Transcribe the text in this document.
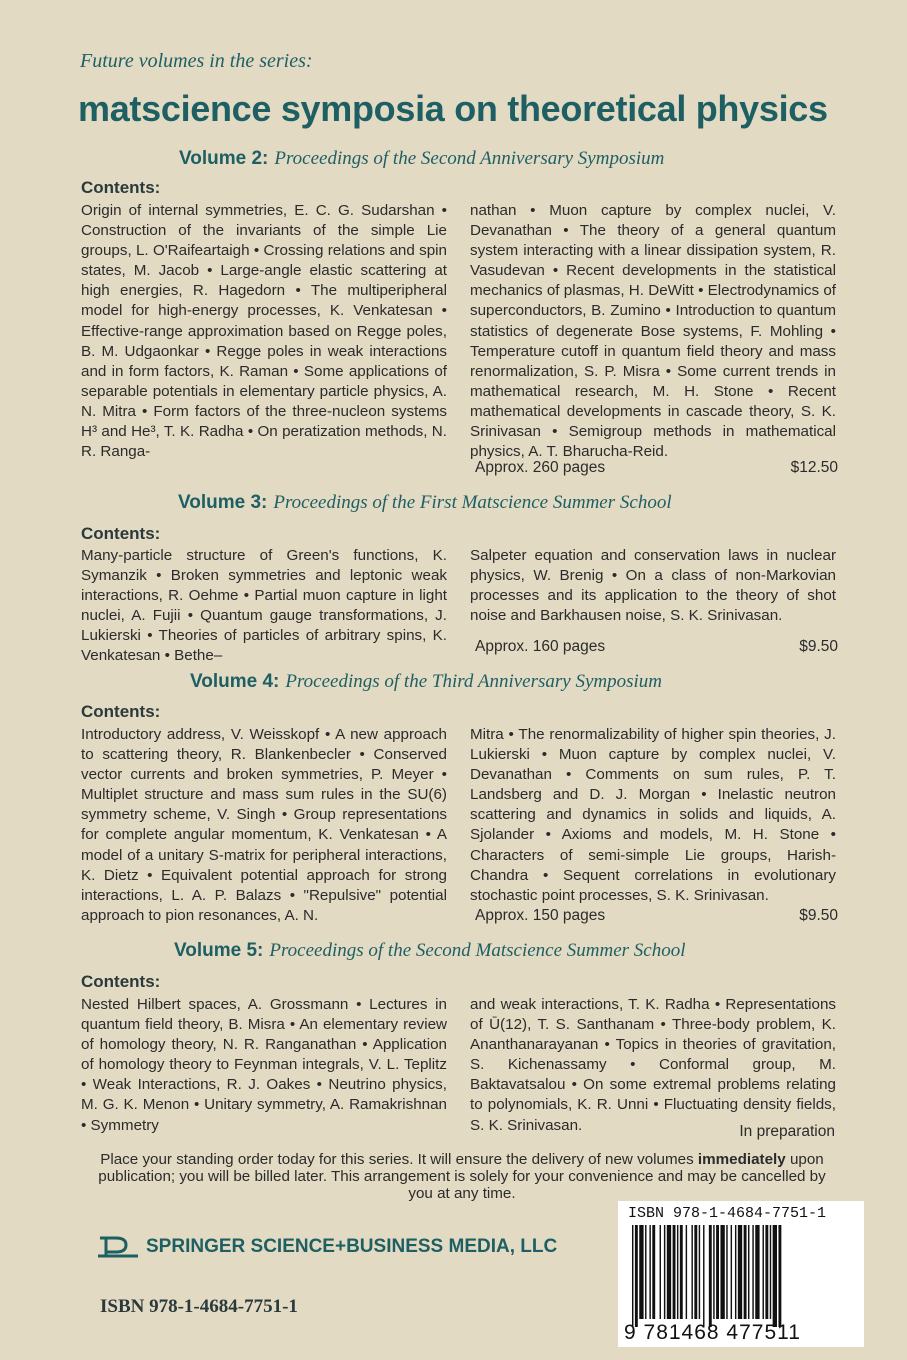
Future volumes in the series:
matscience symposia on theoretical physics
Volume 2: Proceedings of the Second Anniversary Symposium
Contents:
Origin of internal symmetries, E. C. G. Sudarshan • Construction of the invariants of the simple Lie groups, L. O'Raifeartaigh • Crossing relations and spin states, M. Jacob • Large-angle elastic scattering at high energies, R. Hagedorn • The multiperipheral model for high-energy processes, K. Venkatesan • Effective-range approximation based on Regge poles, B. M. Udgaonkar • Regge poles in weak interactions and in form factors, K. Raman • Some applications of separable potentials in elementary particle physics, A. N. Mitra • Form factors of the three-nucleon systems H³ and He³, T. K. Radha • On peratization methods, N. R. Ranga-
nathan • Muon capture by complex nuclei, V. Devanathan • The theory of a general quantum system interacting with a linear dissipation system, R. Vasudevan • Recent developments in the statistical mechanics of plasmas, H. DeWitt • Electrodynamics of superconductors, B. Zumino • Introduction to quantum statistics of degenerate Bose systems, F. Mohling • Temperature cutoff in quantum field theory and mass renormalization, S. P. Misra • Some current trends in mathematical research, M. H. Stone • Recent mathematical developments in cascade theory, S. K. Srinivasan • Semigroup methods in mathematical physics, A. T. Bharucha-Reid.
Approx. 260 pages	$12.50
Volume 3: Proceedings of the First Matscience Summer School
Contents:
Many-particle structure of Green's functions, K. Symanzik • Broken symmetries and leptonic weak interactions, R. Oehme • Partial muon capture in light nuclei, A. Fujii • Quantum gauge transformations, J. Lukierski • Theories of particles of arbitrary spins, K. Venkatesan • Bethe–
Salpeter equation and conservation laws in nuclear physics, W. Brenig • On a class of non-Markovian processes and its application to the theory of shot noise and Barkhausen noise, S. K. Srinivasan.
Approx. 160 pages	$9.50
Volume 4: Proceedings of the Third Anniversary Symposium
Contents:
Introductory address, V. Weisskopf • A new approach to scattering theory, R. Blankenbecler • Conserved vector currents and broken symmetries, P. Meyer • Multiplet structure and mass sum rules in the SU(6) symmetry scheme, V. Singh • Group representations for complete angular momentum, K. Venkatesan • A model of a unitary S-matrix for peripheral interactions, K. Dietz • Equivalent potential approach for strong interactions, L. A. P. Balazs • "Repulsive" potential approach to pion resonances, A. N.
Mitra • The renormalizability of higher spin theories, J. Lukierski • Muon capture by complex nuclei, V. Devanathan • Comments on sum rules, P. T. Landsberg and D. J. Morgan • Inelastic neutron scattering and dynamics in solids and liquids, A. Sjolander • Axioms and models, M. H. Stone • Characters of semi-simple Lie groups, Harish-Chandra • Sequent correlations in evolutionary stochastic point processes, S. K. Srinivasan.
Approx. 150 pages	$9.50
Volume 5: Proceedings of the Second Matscience Summer School
Contents:
Nested Hilbert spaces, A. Grossmann • Lectures in quantum field theory, B. Misra • An elementary review of homology theory, N. R. Ranganathan • Application of homology theory to Feynman integrals, V. L. Teplitz • Weak Interactions, R. J. Oakes • Neutrino physics, M. G. K. Menon • Unitary symmetry, A. Ramakrishnan • Symmetry
and weak interactions, T. K. Radha • Representations of Ū(12), T. S. Santhanam • Three-body problem, K. Ananthanarayanan • Topics in theories of gravitation, S. Kichenassamy • Conformal group, M. Baktavatsalou • On some extremal problems relating to polynomials, K. R. Unni • Fluctuating density fields, S. K. Srinivasan.	In preparation
Place your standing order today for this series. It will ensure the delivery of new volumes immediately upon publication; you will be billed later. This arrangement is solely for your convenience and may be cancelled by you at any time.
SPRINGER SCIENCE+BUSINESS MEDIA, LLC
ISBN 978-1-4684-7751-1
ISBN 978-1-4684-7751-1
9 781468 477511
